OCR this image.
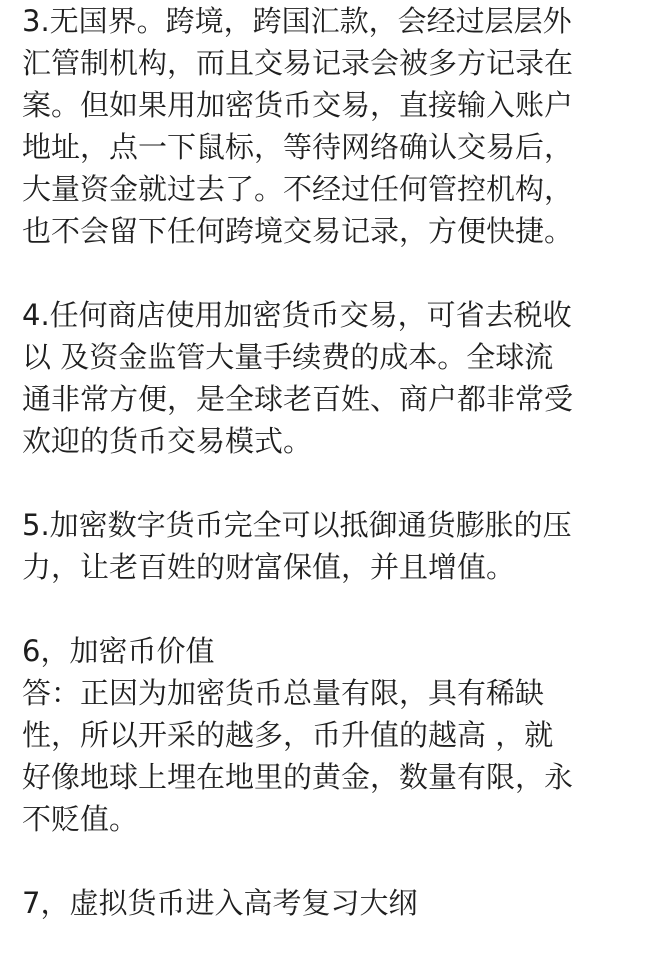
3.无国界。跨境，跨国汇款，会经过层层外
汇管制机构，而且交易记录会被多方记录在
案。但如果用加密货币交易，直接输入账户
地址，点一下鼠标，等待网络确认交易后，
大量资金就过去了。不经过任何管控机构，
也不会留下任何跨境交易记录，方便快捷。
4.任何商店使用加密货币交易，可省去税收
以 及资金监管大量手续费的成本。全球流
通非常方便，是全球老百姓、商户都非常受
欢迎的货币交易模式。
5.加密数字货币完全可以抵御通货膨胀的压
力，让老百姓的财富保值，并且增值。
6，加密币价值
答：正因为加密货币总量有限，具有稀缺
性，所以开采的越多，币升值的越高 ，就
好像地球上埋在地里的黄金，数量有限，永
不贬值。
7，虚拟货币进入高考复习大纲
